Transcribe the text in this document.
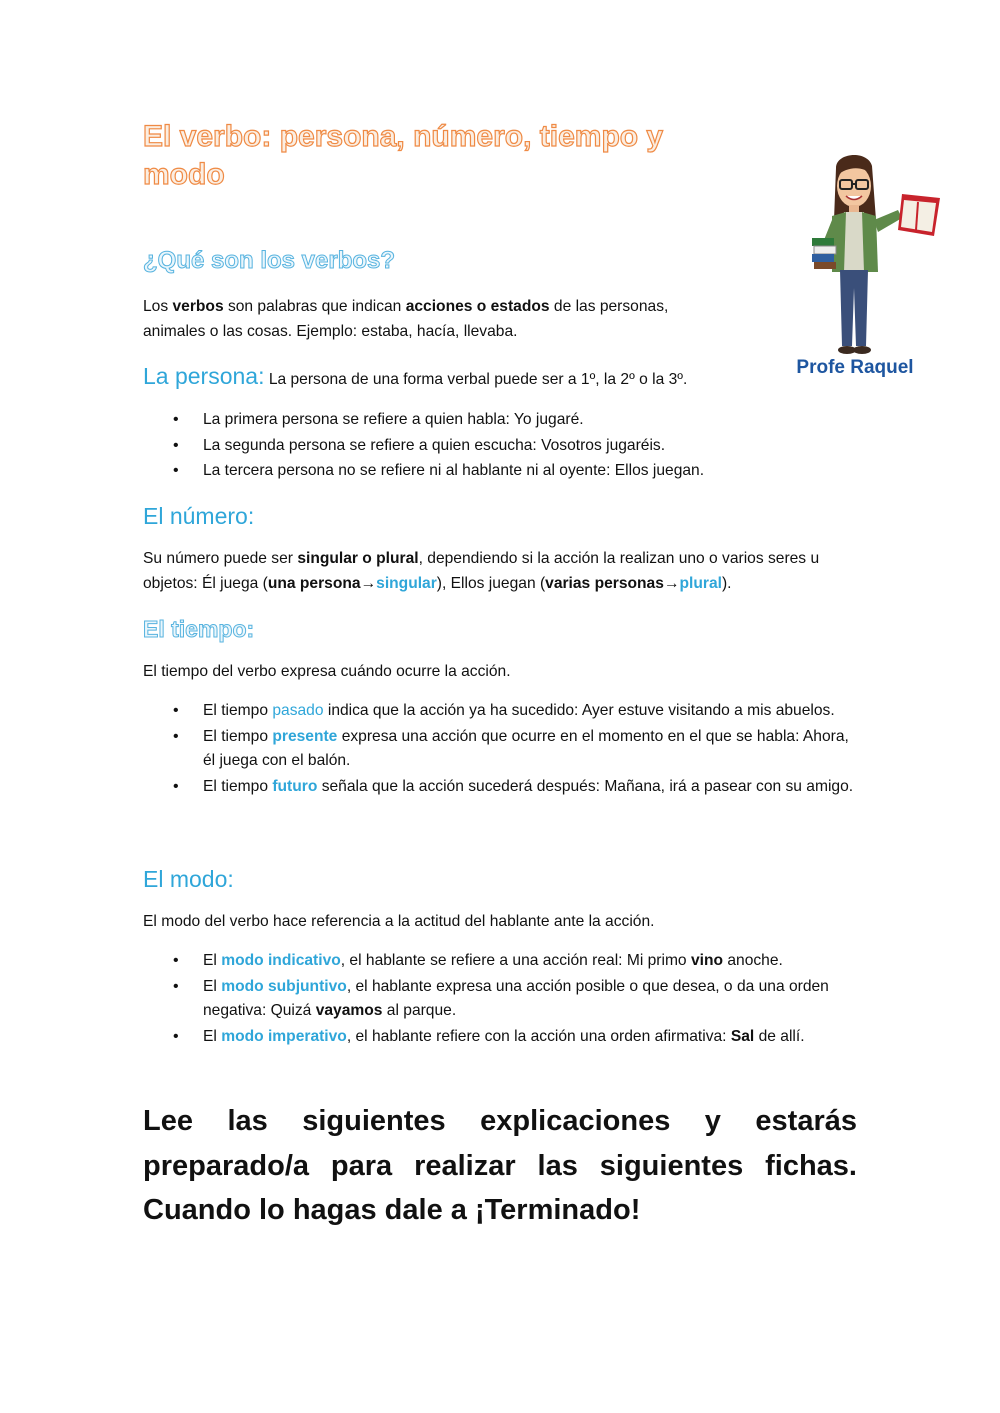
El verbo: persona, número, tiempo y modo
¿Qué son los verbos?

Los verbos son palabras que indican acciones o estados de las personas, animales o las cosas. Ejemplo: estaba, hacía, llevaba.

Profe Raquel

La persona: La persona de una forma verbal puede ser a 1º, la 2º o la 3º.

• La primera persona se refiere a quien habla: Yo jugaré.
• La segunda persona se refiere a quien escucha: Vosotros jugaréis.
• La tercera persona no se refiere ni al hablante ni al oyente: Ellos juegan.
El número:

Su número puede ser singular o plural, dependiendo si la acción la realizan uno o varios seres u objetos: Él juega (una persona→singular), Ellos juegan (varias personas→plural).

El tiempo:

El tiempo del verbo expresa cuándo ocurre la acción.

• El tiempo pasado indica que la acción ya ha sucedido: Ayer estuve visitando a mis abuelos.
• El tiempo presente expresa una acción que ocurre en el momento en el que se habla: Ahora, él juega con el balón.
• El tiempo futuro señala que la acción sucederá después: Mañana, irá a pasear con su amigo.
El modo:

El modo del verbo hace referencia a la actitud del hablante ante la acción.

• El modo indicativo, el hablante se refiere a una acción real: Mi primo vino anoche.
• El modo subjuntivo, el hablante expresa una acción posible o que desea, o da una orden negativa: Quizá vayamos al parque.
• El modo imperativo, el hablante refiere con la acción una orden afirmativa: Sal de allí.

Lee las siguientes explicaciones y estarás preparado/a para realizar las siguientes fichas. Cuando lo hagas dale a ¡Terminado!
